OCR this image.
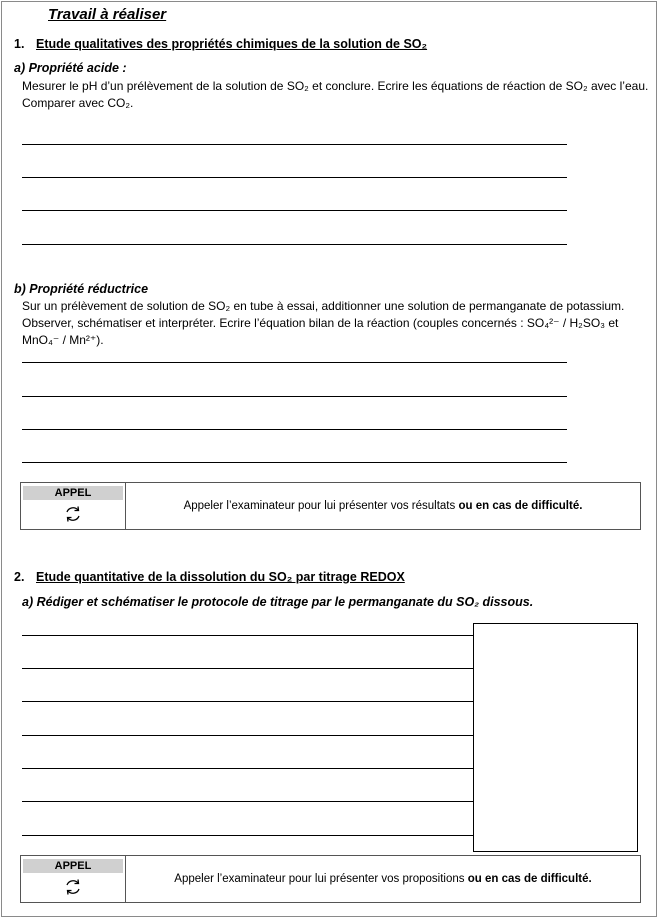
Travail à réaliser
1. Etude qualitatives des propriétés chimiques de la solution de SO₂
a) Propriété acide :
Mesurer le pH d’un prélèvement de la solution de SO₂ et conclure. Ecrire les équations de réaction de SO₂ avec l’eau. Comparer avec CO₂.
b) Propriété réductrice
Sur un prélèvement de solution de SO₂ en tube à essai, additionner une solution de permanganate de potassium. Observer, schématiser et interpréter. Ecrire l’équation bilan de la réaction (couples concernés : SO₄²⁻ / H₂SO₃ et MnO₄⁻ / Mn²⁺).
APPEL
Appeler l’examinateur pour lui présenter vos résultats
ou en cas de difficulté.
2. Etude quantitative de la dissolution du SO₂ par titrage REDOX
a) Rédiger et schématiser le protocole de titrage par le permanganate du SO₂ dissous.
APPEL
Appeler l’examinateur pour lui présenter vos propositions
ou en cas de difficulté.
